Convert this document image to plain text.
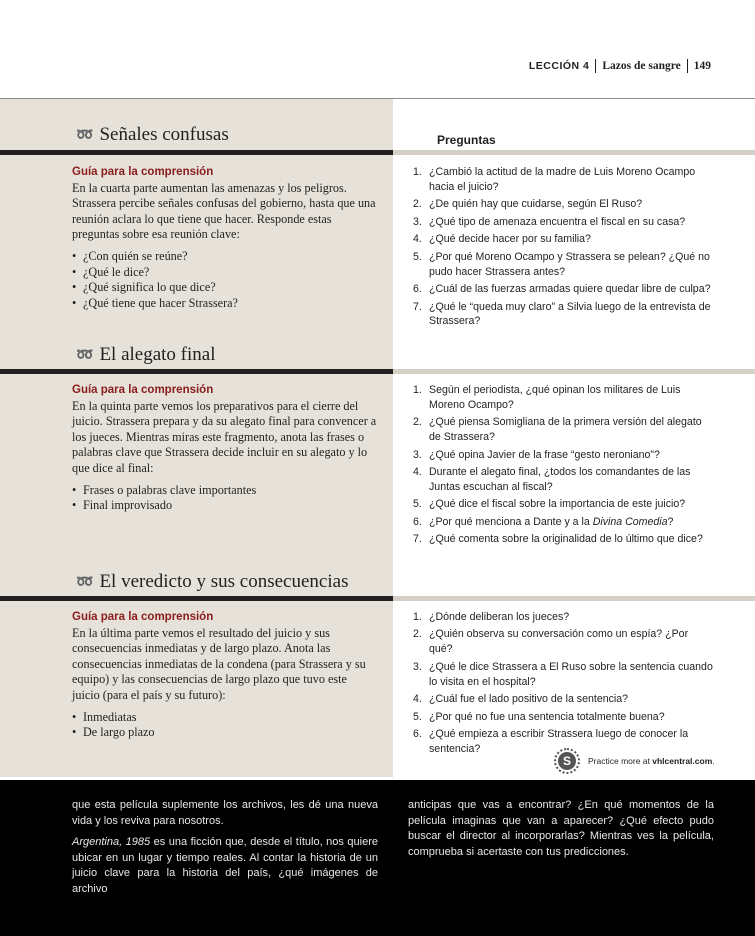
LECCIÓN 4 Lazos de sangre 149
Preguntas
➿ Señales confusas
Guía para la comprensión
En la cuarta parte aumentan las amenazas y los peligros. Strassera percibe señales confusas del gobierno, hasta que una reunión aclara lo que tiene que hacer. Responde estas preguntas sobre esa reunión clave:
• ¿Con quién se reúne?
• ¿Qué le dice?
• ¿Qué significa lo que dice?
• ¿Qué tiene que hacer Strassera?
1. ¿Cambió la actitud de la madre de Luis Moreno Ocampo hacia el juicio?
2. ¿De quién hay que cuidarse, según El Ruso?
3. ¿Qué tipo de amenaza encuentra el fiscal en su casa?
4. ¿Qué decide hacer por su familia?
5. ¿Por qué Moreno Ocampo y Strassera se pelean? ¿Qué no pudo hacer Strassera antes?
6. ¿Cuál de las fuerzas armadas quiere quedar libre de culpa?
7. ¿Qué le “queda muy claro” a Silvia luego de la entrevista de Strassera?
➿ El alegato final
Guía para la comprensión
En la quinta parte vemos los preparativos para el cierre del juicio. Strassera prepara y da su alegato final para convencer a los jueces. Mientras miras este fragmento, anota las frases o palabras clave que Strassera decide incluir en su alegato y lo que dice al final:
• Frases o palabras clave importantes
• Final improvisado
1. Según el periodista, ¿qué opinan los militares de Luis Moreno Ocampo?
2. ¿Qué piensa Somigliana de la primera versión del alegato de Strassera?
3. ¿Qué opina Javier de la frase “gesto neroniano”?
4. Durante el alegato final, ¿todos los comandantes de las Juntas escuchan al fiscal?
5. ¿Qué dice el fiscal sobre la importancia de este juicio?
6. ¿Por qué menciona a Dante y a la Divina Comedia?
7. ¿Qué comenta sobre la originalidad de lo último que dice?
➿ El veredicto y sus consecuencias
Guía para la comprensión
En la última parte vemos el resultado del juicio y sus consecuencias inmediatas y de largo plazo. Anota las consecuencias inmediatas de la condena (para Strassera y su equipo) y las consecuencias de largo plazo que tuvo este juicio (para el país y su futuro):
• Inmediatas
• De largo plazo
1. ¿Dónde deliberan los jueces?
2. ¿Quién observa su conversación como un espía? ¿Por qué?
3. ¿Qué le dice Strassera a El Ruso sobre la sentencia cuando lo visita en el hospital?
4. ¿Cuál fue el lado positivo de la sentencia?
5. ¿Por qué no fue una sentencia totalmente buena?
6. ¿Qué empieza a escribir Strassera luego de conocer la sentencia?
S	Practice more at
vhlcentral.com .

que esta película suplemente los archivos, les dé una nueva vida y los reviva para nosotros.

Argentina, 1985 es una ficción que, desde el título, nos quiere ubicar en un lugar y tiempo reales. Al contar la historia de un juicio clave para la historia del país, ¿qué imágenes de archivo

anticipas que vas a encontrar? ¿En qué momentos de la película imaginas que van a aparecer? ¿Qué efecto pudo buscar el director al incorporarlas? Mientras ves la película, comprueba si acertaste con tus predicciones.
